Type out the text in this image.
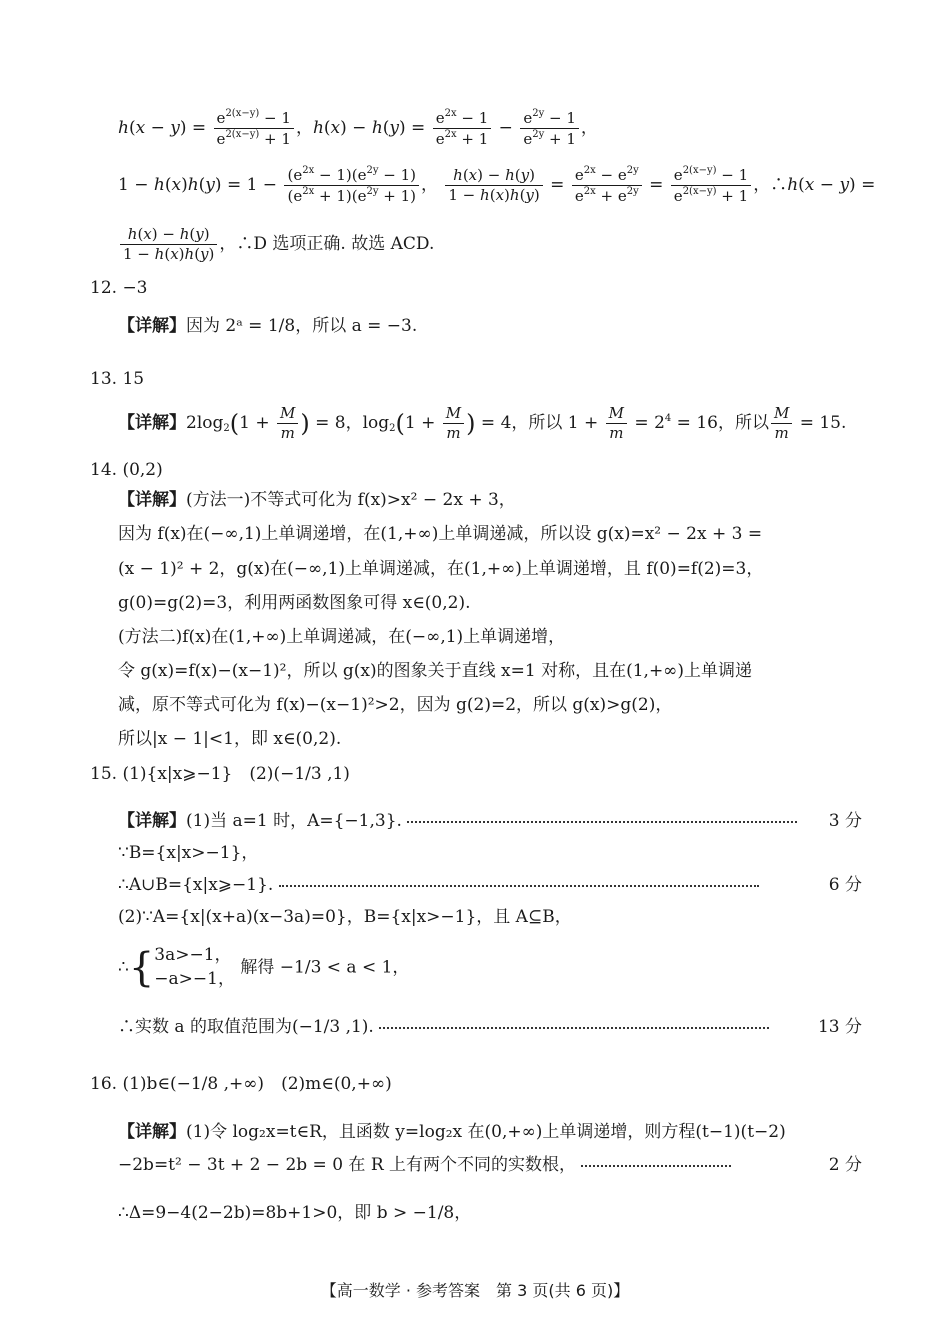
$h(x - y) = \frac{e^{2(x-y)} - 1}{e^{2(x-y)} + 1}$ ，$h(x) - h(y) = \frac{e^{2x} - 1}{e^{2x} + 1} - \frac{e^{2y} - 1}{e^{2y} + 1}$ ，
$1 - h(x)h(y) = 1 - \frac{(e^{2x} - 1)(e^{2y} - 1)}{(e^{2x} + 1)(e^{2y} + 1)}$ ， $\frac{h(x) - h(y)}{1 - h(x)h(y)} = \frac{e^{2x} - e^{2y}}{e^{2x} + e^{2y}} = \frac{e^{2(x-y)} - 1}{e^{2(x-y)} + 1}$ ，∴h(x − y) =
$\frac{h(x) - h(y)}{1 - h(x)h(y)}$ ，∴D 选项正确. 故选 ACD.
12. −3
【详解】因为 2ᵃ = 1/8，所以 a = −3.
13. 15
【详解】$2\log_2(1 + \frac{M}{m}$ ) = 8，$\log_2(1 + \frac{M}{m}$ ) = 4，所以 $1 + \frac{M}{m} = 2^4 = 16$，所以 $\frac{M}{m} = 15$.
14. (0,2)
【详解】(方法一)不等式可化为 f(x)>x² − 2x + 3，
因为 f(x)在(−∞,1)上单调递增，在(1,+∞)上单调递减，所以设 g(x)=x² − 2x + 3 =
(x − 1)² + 2，g(x)在(−∞,1)上单调递减，在(1,+∞)上单调递增，且 f(0)=f(2)=3，
g(0)=g(2)=3，利用两函数图象可得 x∈(0,2).
(方法二)f(x)在(1,+∞)上单调递减，在(−∞,1)上单调递增，
令 g(x)=f(x)−(x−1)²，所以 g(x)的图象关于直线 x=1 对称，且在(1,+∞)上单调递
减，原不等式可化为 f(x)−(x−1)²>2，因为 g(2)=2，所以 g(x)>g(2)，
所以|x − 1|<1，即 x∈(0,2).
15. (1){x|x⩾−1}　(2)(−1/3 ,1)
【详解】(1)当 a=1 时，A={−1,3}.	3 分
∵B={x|x>−1}，
∴A∪B={x|x⩾−1}.	6 分
(2)∵A={x|(x+a)(x−3a)=0}，B={x|x>−1}，且 A⊆B，
∴{3a>−1，
−a>−1， 解得 −1/3 < a < 1，
∴实数 a 的取值范围为(−1/3 ,1).	13 分
16. (1)b∈(−1/8 ,+∞)　(2)m∈(0,+∞)
【详解】(1)令 log₂x=t∈R，且函数 y=log₂x 在(0,+∞)上单调递增，则方程(t−1)(t−2)
−2b=t² − 3t + 2 − 2b = 0 在 R 上有两个不同的实数根，	2 分
∴Δ=9−4(2−2b)=8b+1>0，即 b > −1/8，
【高一数学 · 参考答案　第 3 页(共 6 页)】
